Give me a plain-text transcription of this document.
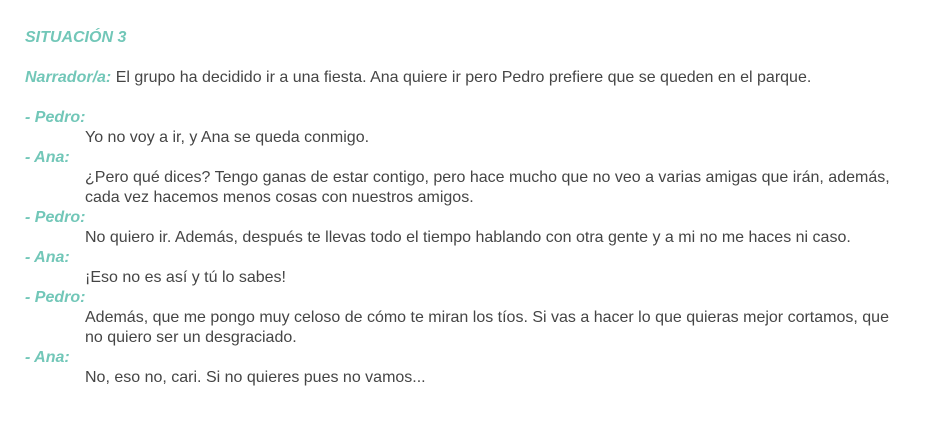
SITUACIÓN 3
Narrador/a: El grupo ha decidido ir a una fiesta. Ana quiere ir pero Pedro prefiere que se queden en el parque.
- Pedro:
Yo no voy a ir, y Ana se queda conmigo.
- Ana:
¿Pero qué dices? Tengo ganas de estar contigo, pero hace mucho que no veo a varias amigas que irán, además, cada vez hacemos menos cosas con nuestros amigos.
- Pedro:
No quiero ir. Además, después te llevas todo el tiempo hablando con otra gente y a mi no me haces ni caso.
- Ana:
¡Eso no es así y tú lo sabes!
- Pedro:
Además, que me pongo muy celoso de cómo te miran los tíos. Si vas a hacer lo que quieras mejor cortamos, que no quiero ser un desgraciado.
- Ana:
No, eso no, cari. Si no quieres pues no vamos...
